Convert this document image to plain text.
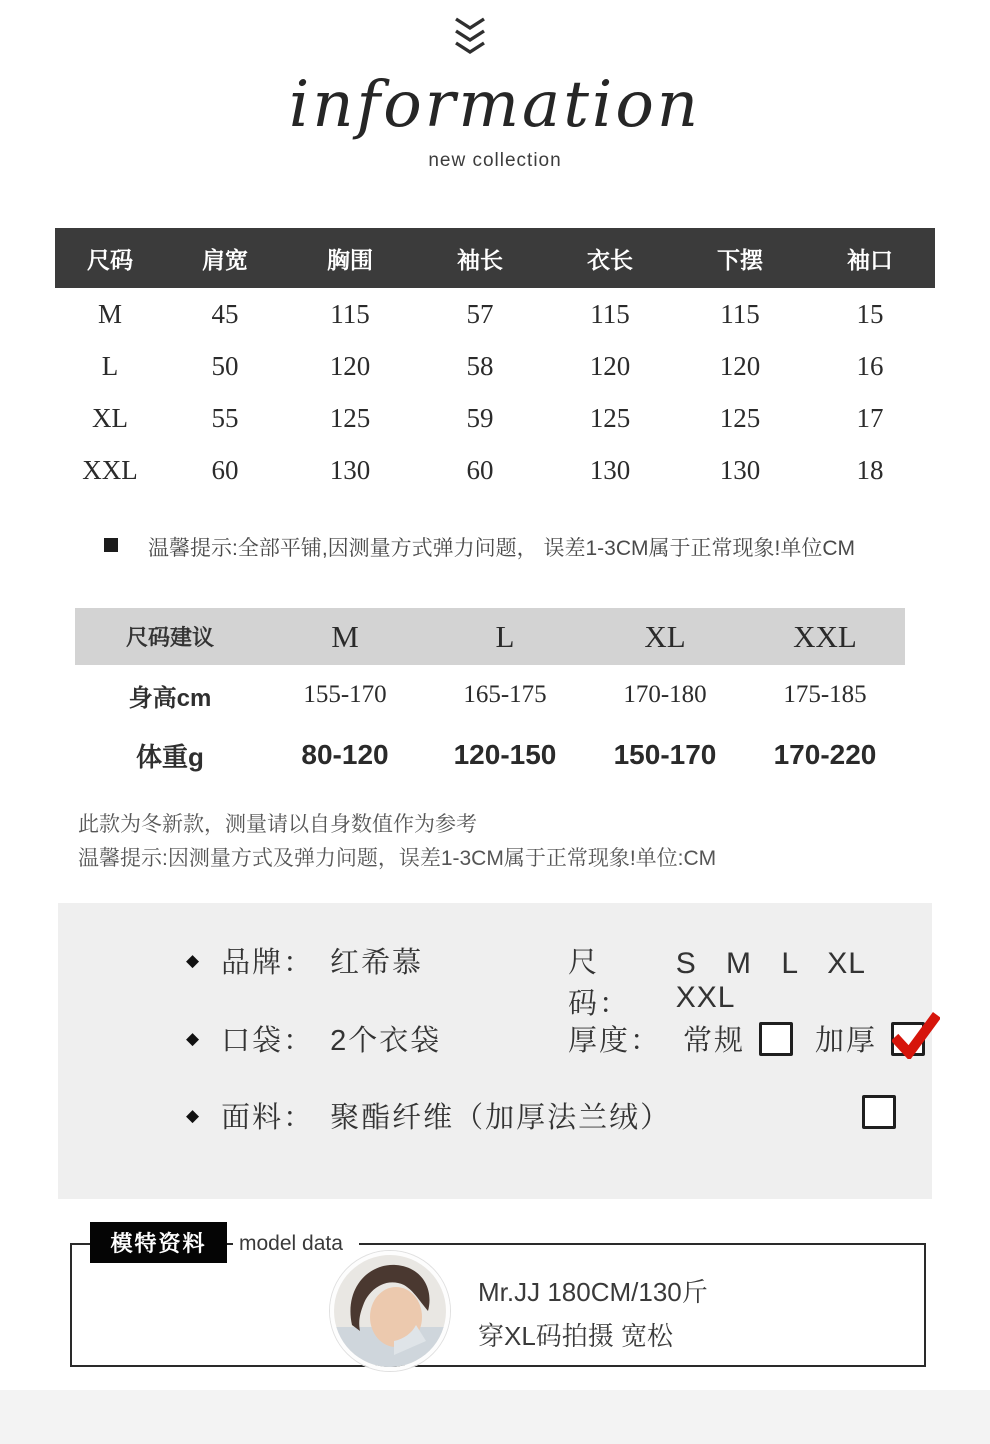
information
new collection
尺码	肩宽	胸围	袖长	衣长	下摆	袖口
M	45	115	57	115	115	15
L	50	120	58	120	120	16
XL	55	125	59	125	125	17
XXL	60	130	60	130	130	18
温馨提示:全部平铺,因测量方式弹力问题， 误差1-3CM属于正常现象!单位CM
尺码建议	M	L	XL	XXL
身高cm	155-170	165-175	170-180	175-185
体重g	80-120	120-150	150-170	170-220
此款为冬新款，测量请以自身数值作为参考
温馨提示:因测量方式及弹力问题，误差1-3CM属于正常现象!单位:CM
◆ 品牌： 红希慕	尺码：
S M L XL XXL
◆ 口袋： 2个衣袋	厚度： 常规 加厚
◆ 面料： 聚酯纤维（加厚法兰绒）
模特资料	model data
Mr.JJ 180CM/130斤
穿XL码拍摄 宽松
